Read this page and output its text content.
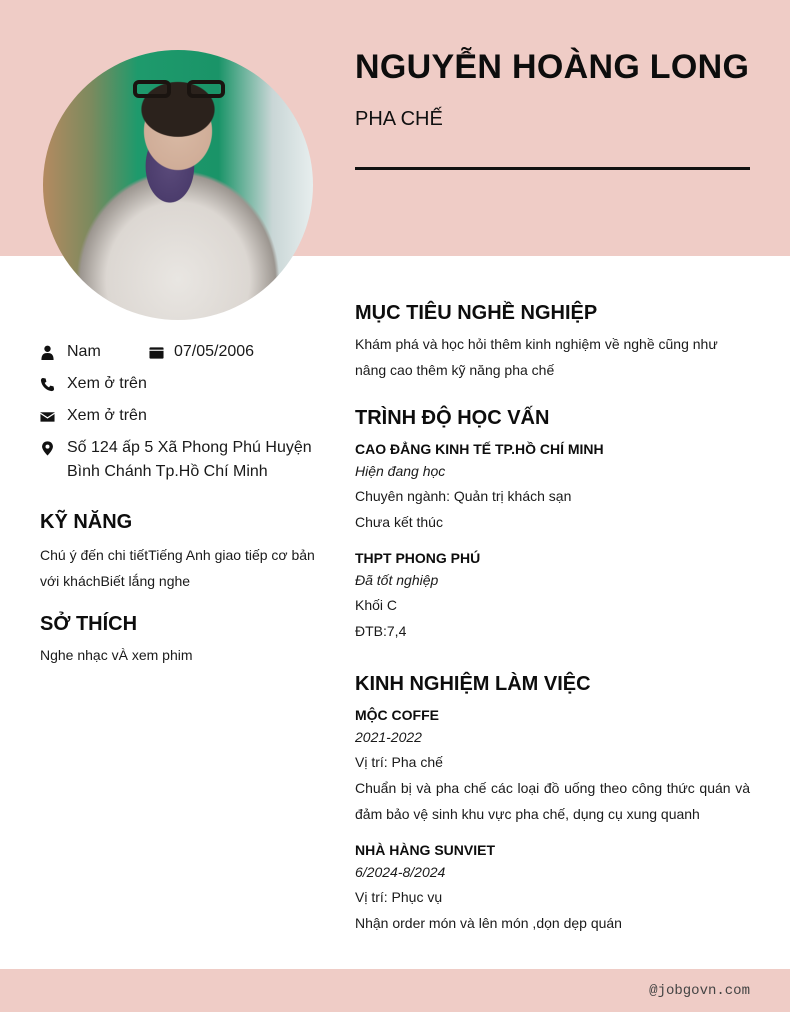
NGUYỄN HOÀNG LONG
PHA CHẾ
Nam	07/05/2006
Xem ở trên
Xem ở trên
Số 124 ấp 5 Xã Phong Phú Huyện Bình Chánh Tp.Hồ Chí Minh
KỸ NĂNG
Chú ý đến chi tiếtTiếng Anh giao tiếp cơ bản với kháchBiết lắng nghe
SỞ THÍCH
Nghe nhạc vÀ xem phim
MỤC TIÊU NGHỀ NGHIỆP
Khám phá và học hỏi thêm kinh nghiệm về nghề cũng như nâng cao thêm kỹ năng pha chế
TRÌNH ĐỘ HỌC VẤN
CAO ĐẲNG KINH TẾ TP.HỒ CHÍ MINH
Hiện đang học
Chuyên ngành: Quản trị khách sạn
Chưa kết thúc
THPT PHONG PHÚ
Đã tốt nghiệp
Khối C
ĐTB:7,4
KINH NGHIỆM LÀM VIỆC
MỘC COFFE
2021-2022
Vị trí: Pha chế
Chuẩn bị và pha chế các loại đồ uống theo công thức quán và đảm bảo vệ sinh khu vực pha chế, dụng cụ xung quanh
NHÀ HÀNG SUNVIET
6/2024-8/2024
Vị trí: Phục vụ
Nhận order món và lên món ,dọn dẹp quán
@jobgovn.com
